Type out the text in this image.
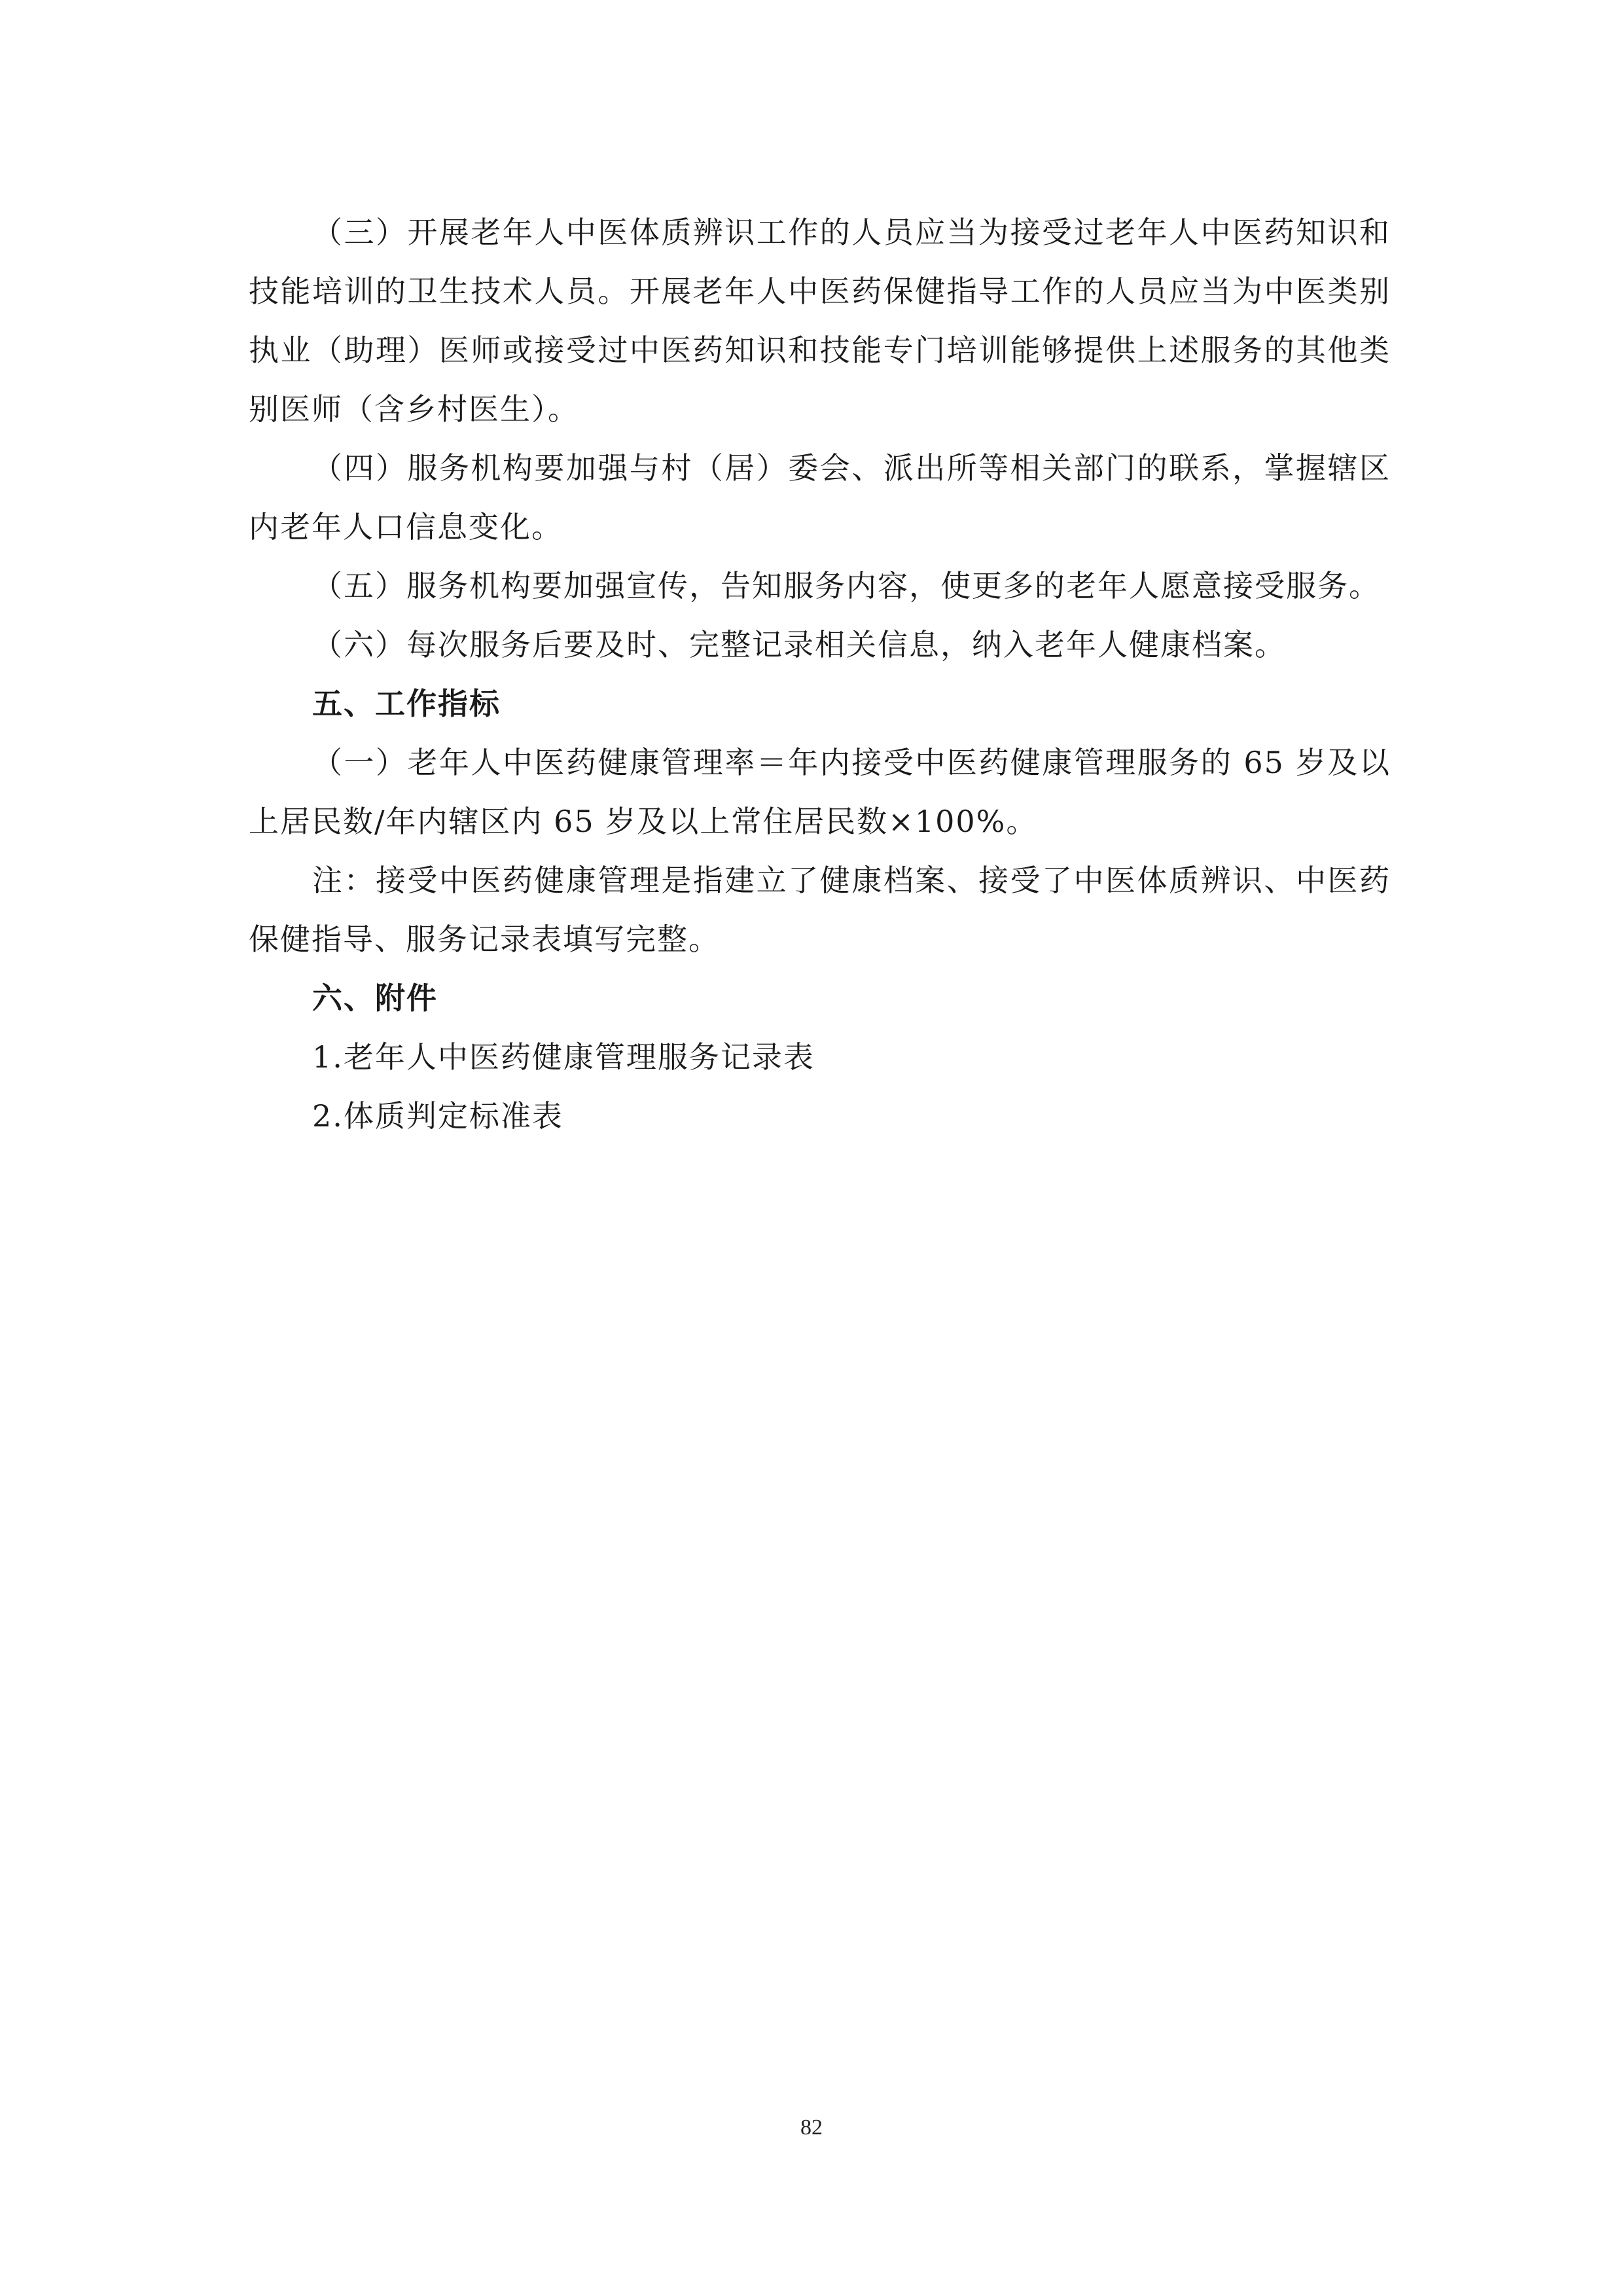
（三）开展老年人中医体质辨识工作的人员应当为接受过老年人中医药知识和技能培训的卫生技术人员。开展老年人中医药保健指导工作的人员应当为中医类别执业（助理）医师或接受过中医药知识和技能专门培训能够提供上述服务的其他类别医师（含乡村医生）。

（四）服务机构要加强与村（居）委会、派出所等相关部门的联系，掌握辖区内老年人口信息变化。

（五）服务机构要加强宣传，告知服务内容，使更多的老年人愿意接受服务。

（六）每次服务后要及时、完整记录相关信息，纳入老年人健康档案。

五、工作指标

（一）老年人中医药健康管理率＝年内接受中医药健康管理服务的 65 岁及以上居民数/年内辖区内 65 岁及以上常住居民数×100%。

注：接受中医药健康管理是指建立了健康档案、接受了中医体质辨识、中医药保健指导、服务记录表填写完整。

六、附件

1.老年人中医药健康管理服务记录表

2.体质判定标准表

82
